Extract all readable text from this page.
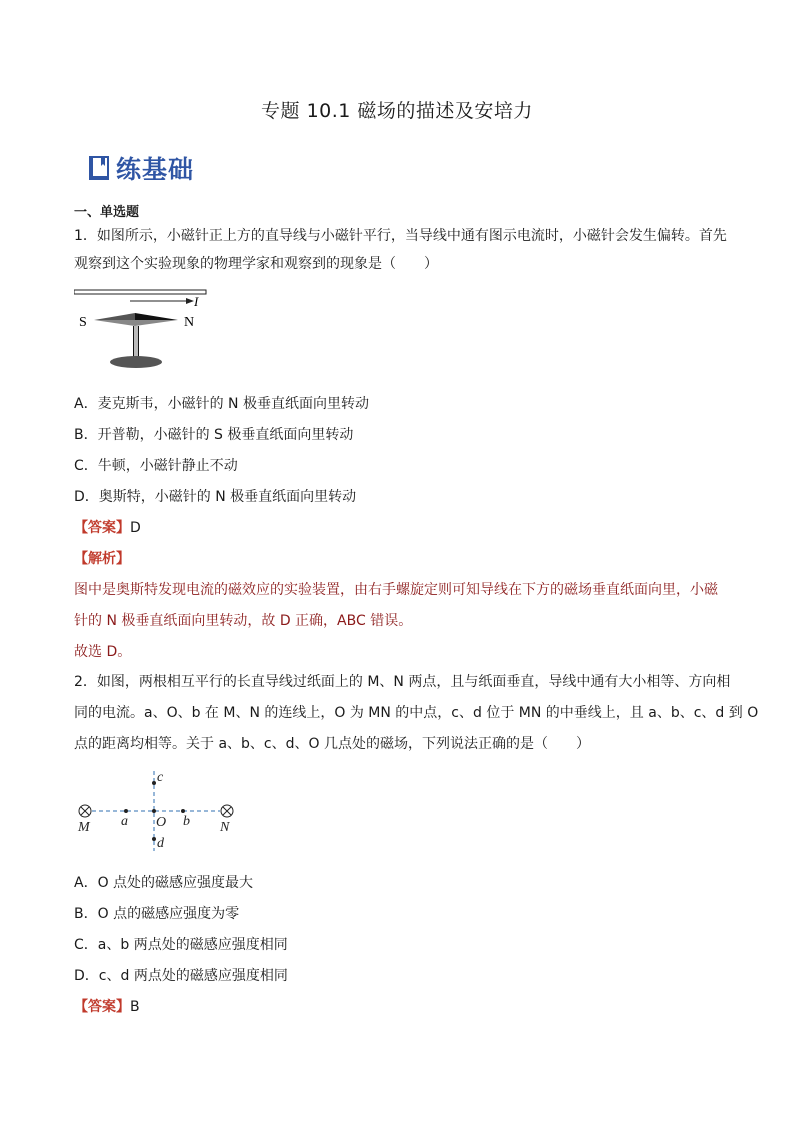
专题 10.1 磁场的描述及安培力
练基础
一、单选题
1．如图所示，小磁针正上方的直导线与小磁针平行，当导线中通有图示电流时，小磁针会发生偏转。首先
观察到这个实验现象的物理学家和观察到的现象是（　　）
I
S	N
A．麦克斯韦，小磁针的 N 极垂直纸面向里转动
B．开普勒，小磁针的 S 极垂直纸面向里转动
C．牛顿，小磁针静止不动
D．奥斯特，小磁针的 N 极垂直纸面向里转动
【答案】D
【解析】
图中是奥斯特发现电流的磁效应的实验装置，由右手螺旋定则可知导线在下方的磁场垂直纸面向里，小磁
针的 N 极垂直纸面向里转动，故 D 正确，ABC 错误。
故选 D。
2．如图，两根相互平行的长直导线过纸面上的 M、N 两点，且与纸面垂直，导线中通有大小相等、方向相
同的电流。a、O、b 在 M、N 的连线上，O 为 MN 的中点，c、d 位于 MN 的中垂线上，且 a、b、c、d 到 O
点的距离均相等。关于 a、b、c、d、O 几点处的磁场，下列说法正确的是（　　）
M	N
a O b
c
d
A．O 点处的磁感应强度最大
B．O 点的磁感应强度为零
C．a、b 两点处的磁感应强度相同
D．c、d 两点处的磁感应强度相同
【答案】B
